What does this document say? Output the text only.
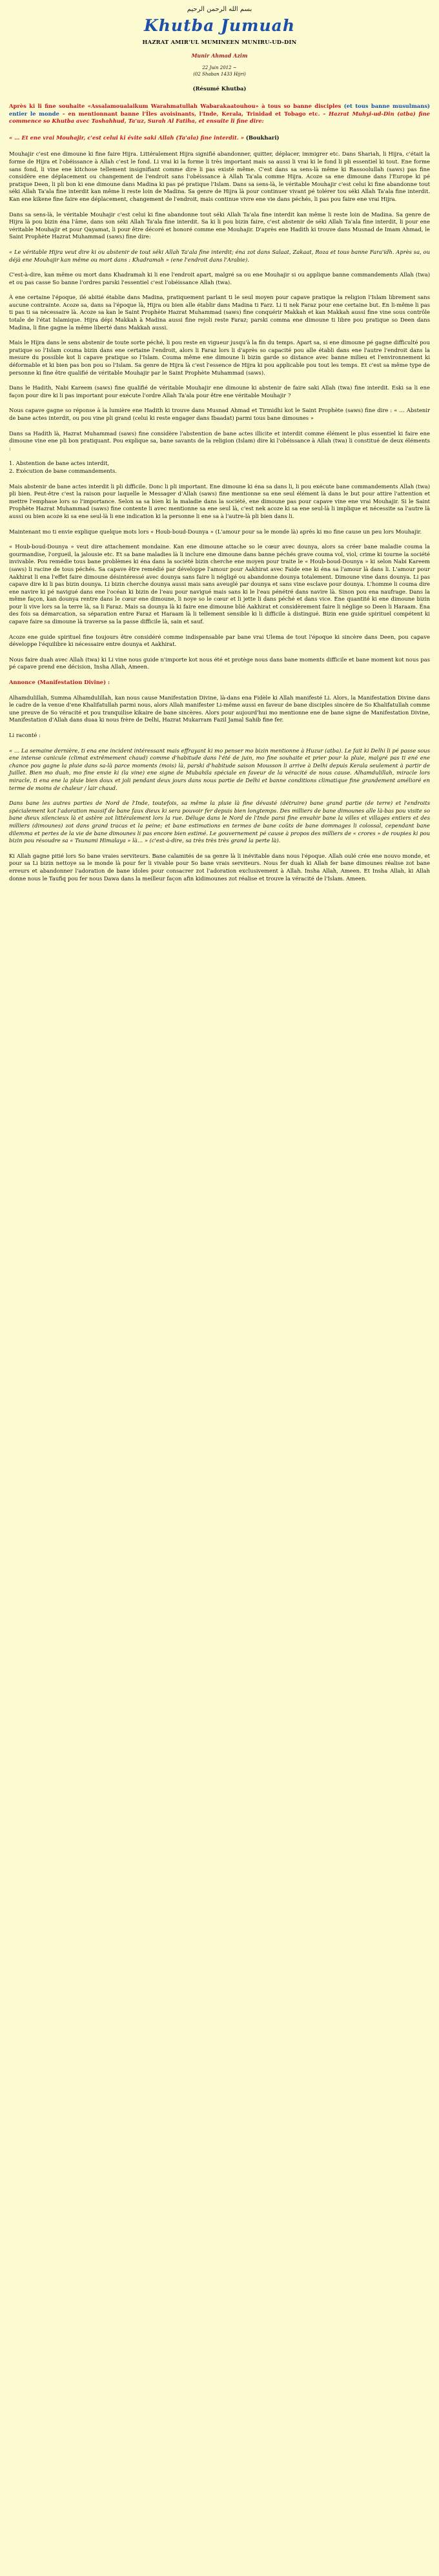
بسم الله الرحمن الرحيم

Khutba Jumuah
HAZRAT AMIR'UL MUMINEEN MUNIRU-UD-DIN
Munir Ahmad Azim
22 Juin 2012 ~
(02 Shaban 1433 Hijri)
(Résumé Khutba)

Après ki li fine souhaite «Assalamoualaikum Warahmatullah Wabarakaatouhou» à tous so banne disciples (et tous banne musulmans) entier le monde – en mentionnant banne l'Îles avoisinants, l'Inde, Kerala, Trinidad et Tobago etc. – Hazrat Muhyi-ud-Din (atba) fine commence so Khutba avec Tashahhud, Ta'uz, Surah Al Fatiha, et ensuite li fine dire:

« … Et ene vrai Mouhajir, c'est celui ki évite saki Allah (Ta'ala) fine interdit. » (Boukhari)

Mouhajir c'est ene dimoune ki fine faire Hijra. Littéralement Hijra signifié abandonner, quitter, déplacer, immigrer etc. Dans Shariah, li Hijra, c'était la forme de Hijra et l'obéissance à Allah c'est le fond. Li vrai ki la forme li très important mais sa aussi li vrai ki le fond li pli essentiel ki tout. Ene forme sans fond, li vine ene kitchose tellement insignifiant comme dire li pas existé même. C'est dans sa sens-là même ki Rassoolullah (saws) pas fine considère ene déplacement ou changement de l'endroit sans l'obéissance à Allah Ta'ala comme Hijra. Acoze sa ene dimoune dans l'Europe ki pé pratique Deen, li pli bon ki ene dimoune dans Madina ki pas pé pratique l'Islam. Dans sa sens-là, le véritable Mouhajir c'est celui ki fine abandonne tout séki Allah Ta'ala fine interdit kan même li reste loin de Madina. Sa genre de Hijra là pour continuer vivant pé tolérer tou séki Allah Ta'ala fine interdit. Kan ene kikene fine faire ene déplacement, changement de l'endroit, mais continue vivre ene vie dans péchés, li pas pou faire ene vrai Hijra.

Dans sa sens-là, le véritable Mouhajir c'est celui ki fine abandonne tout séki Allah Ta'ala fine interdit kan même li reste loin de Madina. Sa genre de Hijra là pou bizin éna l'âme, dans son séki Allah Ta'ala fine interdit. Sa ki li pou bizin faire, c'est abstenir de séki Allah Ta'ala fine interdit, li pour ene véritable Mouhajir et pour Qayamat, li pour être décoré et honoré comme ene Mouhajir. D'après ene Hadith ki trouve dans Musnad de Imam Ahmad, le Saint Prophète Hazrat Muhammad (saws) fine dire:

« Le véritable Hijra veut dire ki ou abstenir de tout séki Allah Ta'ala fine interdit; éna zot dans Salaat, Zakaat, Roza et tous banne Fara'idh. Après sa, ou déjà ene Mouhajir kan même ou mort dans : Khadramah » (ene l'endroit dans l'Arabie).

C'est-à-dire, kan même ou mort dans Khadramah ki li ene l'endroit apart, malgré sa ou ene Mouhajir si ou applique banne commandements Allah (twa) et ou pas casse So banne l'ordres parski l'essentiel c'est l'obéissance Allah (twa).

À ene certaine l'époque, ilé abitié établie dans Madina, pratiquement parlant ti le seul moyen pour capave pratique la religion l'Islam librement sans aucune contrainte. Acoze sa, dans sa l'époque là, Hijra ou bien alle établir dans Madina ti Farz. Li ti nek Faraz pour ene certaine but. En li-même li pas ti pas ti sa nécessaire là. Acoze sa kan le Saint Prophète Hazrat Muhammad (saws) fine conquérir Makkah et kan Makkah aussi fine vine sous contrôle totale de l'état Islamique. Hijra dépi Makkah à Madina aussi fine rejoli reste Faraz; parski comma ene dimoune ti libre pou pratique so Deen dans Madina, li fine gagne la même liberté dans Makkah aussi.

Mais le Hijra dans le sens abstenir de toute sorte péché, li pou reste en vigueur jusqu'à la fin du temps. Apart sa, si ene dimoune pé gagne difficulté pou pratique so l'Islam couma bizin dans ene certaine l'endroit, alors li Faraz lors li d'après so capacité pou alle établi dans ene l'autre l'endroit dans la mesure du possible kot li capave pratique so l'Islam. Couma même ene dimoune li bizin garde so distance avec banne milieu et l'environnement ki déformable et ki bien pas bon pou so l'Islam. Sa genre de Hijra là c'est l'essence de Hijra ki pou applicable pou tout les temps. Et c'est sa même type de personne ki fine être qualifié de véritable Mouhajir par le Saint Prophète Muhammad (saws).

Dans le Hadith, Nabi Kareem (saws) fine qualifié de véritable Mouhajir ene dimoune ki abstenir de faire saki Allah (twa) fine interdit. Eski sa li ene façon pour dire ki li pas important pour exécute l'ordre Allah Ta'ala pour être ene véritable Mouhajir ?

Nous capave gagne so réponse à la lumière ene Hadith ki trouve dans Musnad Ahmad et Tirmidhi kot le Saint Prophète (saws) fine dire : « … Abstenir de bane actes interdit, ou pou vine pli grand (celui ki reste engager dans Ibaadat) parmi tous bane dimounes »

Dans sa Hadith là, Hazrat Muhammad (saws) fine considère l'abstention de bane actes illicite et interdit comme élément le plus essentiel ki faire ene dimoune vine ene pli bon pratiquant. Pou explique sa, bane savants de la religion (Islam) dire ki l'obéissance à Allah (twa) li constitué de deux éléments :

1. Abstention de bane actes interdit,

2. Exécution de bane commandements.

Mais abstenir de bane actes interdit li pli difficile. Donc li pli important. Ene dimoune ki éna sa dans li, li pou exécute bane commandements Allah (twa) pli bien. Peut-être c'est la raison pour laquelle le Messager d'Allah (saws) fine mentionne sa ene seul élément là dans le but pour attire l'attention et mettre l'emphase lors so l'importance. Selon sa sa bien ki la maladie dans la société, ene dimoune pas pour capave vine ene vrai Mouhajir. Si le Saint Prophète Hazrat Muhammad (saws) fine contente li avec mentionne sa ene seul là, c'est nek acoze ki sa ene seul-là li implique et nécessite sa l'autre là aussi ou bien acoze ki sa ene seul-là li ene indication ki la personne li ene sa à l'autre-là pli bien dans li.

Maintenant mo ti envie explique quelque mots lors « Houb-boud-Dounya » (L'amour pour sa le monde là) après ki mo fine cause un peu lors Mouhajir.

« Houb-boud-Dounya » veut dire attachement mondaine. Kan ene dimoune attache so le cœur avec dounya, alors sa créer bane maladie couma la gourmandise, l'orgueil, la jalousie etc. Et sa bane maladies là li inclure ene dimoune dans banne péchés grave couma vol, viol, crime ki tourne la société invivable. Pou remédie tous bane problèmes ki éna dans la société bizin cherche ene moyen pour traite le « Houb-boud-Dounya » ki selon Nabi Kareem (saws) li racine de tous péchés. Sa capave être remédié par développe l'amour pour Aakhirat avec Faide ene ki éna sa l'amour là dans li. L'amour pour Aakhirat li ena l'effet faire dimoune désintéressé avec dounya sans faire li négligé ou abandonne dounya totalement. Dimoune vine dans dounya. Li pas capave dire ki li pas bizin dounya. Li bizin cherche dounya aussi mais sans aveuglé par dounya et sans vine esclave pour dounya. L'homme li couma dire ene navire ki pé navigué dans ene l'océan ki bizin de l'eau pour navigué mais sans ki le l'eau pénétré dans navire là. Sinon pou ena naufrage. Dans la même façon, kan dounya rentre dans le cœur ene dimoune, li noye so le cœur et li jette li dans péché et dans vice. Ene quantité ki ene dimoune bizin pour li vive lors sa la terre là, sa li Faraz. Mais sa dounya là ki faire ene dimoune blié Aakhirat et considèrement faire li néglige so Deen li Haraam. Éna des fois sa démarcation, sa séparation entre Faraz et Haraam là li tellement sensible ki li difficile à distingué. Bizin ene guide spirituel compétent ki capave faire sa dimoune là traverse sa la passe difficile là, sain et sauf.

Acoze ene guide spirituel fine toujours être considéré comme indispensable par bane vrai Ulema de tout l'époque ki sincère dans Deen, pou capave développe l'équilibre ki nécessaire entre dounya et Aakhirat.

Nous faire duah avec Allah (twa) ki Li vine nous guide n'importe kot nous été et protège nous dans bane moments difficile et bane moment kot nous pas pé capave prend ene décision, Insha Allah, Ameen.

Annonce (Manifestation Divine) :

Alhamdulillah, Summa Alhamdulillah, kan nous cause Manifestation Divine, là-dans ena Fidèle ki Allah manifesté Li. Alors, la Manifestation Divine dans le cadre de la venue d'ene Khalifatullah parmi nous, alors Allah manifester Li-même aussi en faveur de bane disciples sincère de So Khalifatullah comme une preuve de So véracité et pou tranquilise kikaire de bane sincères. Alors pour aujourd'hui mo mentionne ene de bane signe de Manifestation Divine, Manifestation d'Allah dans duaa ki nous frère de Delhi, Hazrat Mukarram Fazil Jamal Sahib fine fer.

Li raconté :

« … La semaine dernière, ti ena ene incident intéressant mais effrayant ki mo penser mo bizin mentionne à Huzur (atba). Le fait ki Delhi li pé passe sous ene intense canicule (climat extrêmement chaud) comme d'habitude dans l'été de juin, mo fine souhaite et prier pour la pluie, malgré pas ti ené ene chance pou gagne la pluie dans sa-là parce moments (mois) là, parski d'habitude saison Mousson li arrive à Delhi depuis Kerala seulement à partir de Juillet. Bien mo duah, mo fine envie ki (la vine) ene signe de Mubahila spéciale en faveur de la véracité de nous cause. Alhamdulillah, miracle lors miracle, ti ena ene la pluie bien doux et joli pendant deux jours dans nous partie de Delhi et banne conditions climatique fine grandement amélioré en terme de moins de chaleur / lair chaud.

Dans bane les autres parties de Nord de l'Inde, toutefois, sa même la pluie là fine dévasté (détruire) bane grand partie (de terre) et l'endroits spécialement kot l'adoration massif de bane faux dieux ki sera pouvoir fer depuis bien longtemps. Des milliers de bane dimounes alle là-bas pou visite so bane dieux silencieux là et astère zot littéralement lors la rue. Déluge dans le Nord de l'Inde parsi fine envahir bane la villes et villages entiers et des milliers (dimounes) zot dans grand tracas et la peine; et bane estimations en termes de bane coûts de bane dommages li colossal, cependant bane dilemma et pertes de la vie de bane dimounes li pas encore bien estimé. Le gouvernement pé cause à propos des milliers de « crores » de roupies ki pou bizin pou résoudre sa « Tsunami Himalaya » là… » (c'est-à-dire, sa très très très grand la perte là).

Ki Allah gagne pitié lors So bane vraies serviteurs. Bane calamités de sa genre là li inévitable dans nous l'époque. Allah oulé crée ene nouvo monde, et pour sa Li bizin nettoye sa le monde là pour fer li vivable pour So bane vrais serviteurs. Nous fer duah ki Allah fer bane dimounes réalise zot bane erreurs et abandonner l'adoration de bane idoles pour consacrer zot l'adoration exclusivement à Allah. Insha Allah, Ameen. Et Insha Allah, ki Allah donne nous le Taufiq pou fer nous Dawa dans la meilleur façon afin kidimounes zot réalise et trouve la véracité de l'Islam. Ameen.
